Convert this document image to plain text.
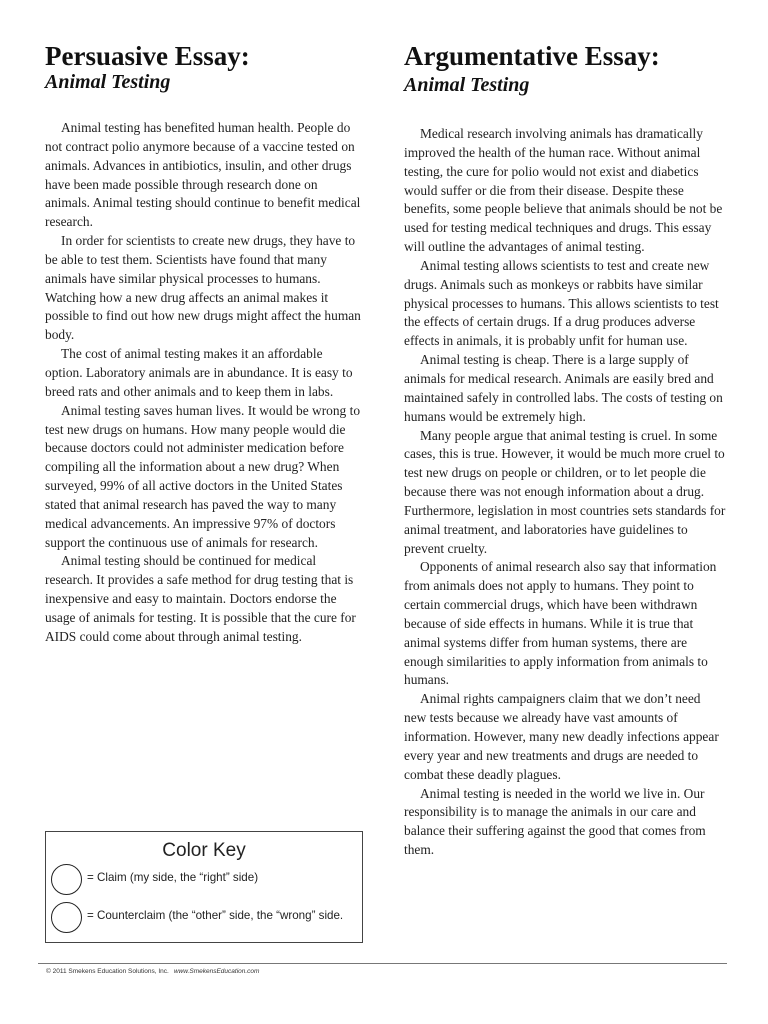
Persuasive Essay:
Animal Testing

Animal testing has benefited human health. People do not contract polio anymore because of a vaccine tested on animals. Advances in antibiotics, insulin, and other drugs have been made possible through research done on animals. Animal testing should continue to benefit medical research.

In order for scientists to create new drugs, they have to be able to test them. Scientists have found that many animals have similar physical processes to humans. Watching how a new drug affects an animal makes it possible to find out how new drugs might affect the human body.

The cost of animal testing makes it an affordable option. Laboratory animals are in abundance. It is easy to breed rats and other animals and to keep them in labs.

Animal testing saves human lives. It would be wrong to test new drugs on humans. How many people would die because doctors could not administer medication before compiling all the information about a new drug? When surveyed, 99% of all active doctors in the United States stated that animal research has paved the way to many medical advancements. An impressive 97% of doctors support the continuous use of animals for research.

Animal testing should be continued for medical research. It provides a safe method for drug testing that is inexpensive and easy to maintain. Doctors endorse the usage of animals for testing. It is possible that the cure for AIDS could come about through animal testing.

Argumentative Essay:
Animal Testing

Medical research involving animals has dramatically improved the health of the human race. Without animal testing, the cure for polio would not exist and diabetics would suffer or die from their disease. Despite these benefits, some people believe that animals should be not be used for testing medical techniques and drugs. This essay will outline the advantages of animal testing.

Animal testing allows scientists to test and create new drugs. Animals such as monkeys or rabbits have similar physical processes to humans. This allows scientists to test the effects of certain drugs. If a drug produces adverse effects in animals, it is probably unfit for human use.

Animal testing is cheap. There is a large supply of animals for medical research. Animals are easily bred and maintained safely in controlled labs. The costs of testing on humans would be extremely high.

Many people argue that animal testing is cruel. In some cases, this is true. However, it would be much more cruel to test new drugs on people or children, or to let people die because there was not enough information about a drug. Furthermore, legislation in most countries sets standards for animal treatment, and laboratories have guidelines to prevent cruelty.

Opponents of animal research also say that information from animals does not apply to humans. They point to certain commercial drugs, which have been withdrawn because of side effects in humans. While it is true that animal systems differ from human systems, there are enough similarities to apply information from animals to humans.

Animal rights campaigners claim that we don’t need new tests because we already have vast amounts of information. However, many new deadly infections appear every year and new treatments and drugs are needed to combat these deadly plagues.

Animal testing is needed in the world we live in. Our responsibility is to manage the animals in our care and balance their suffering against the good that comes from them.

Color Key
= Claim (my side, the “right” side)
= Counterclaim (the “other” side, the “wrong” side.
© 2011 Smekens Education Solutions, Inc. www.SmekensEducation.com
